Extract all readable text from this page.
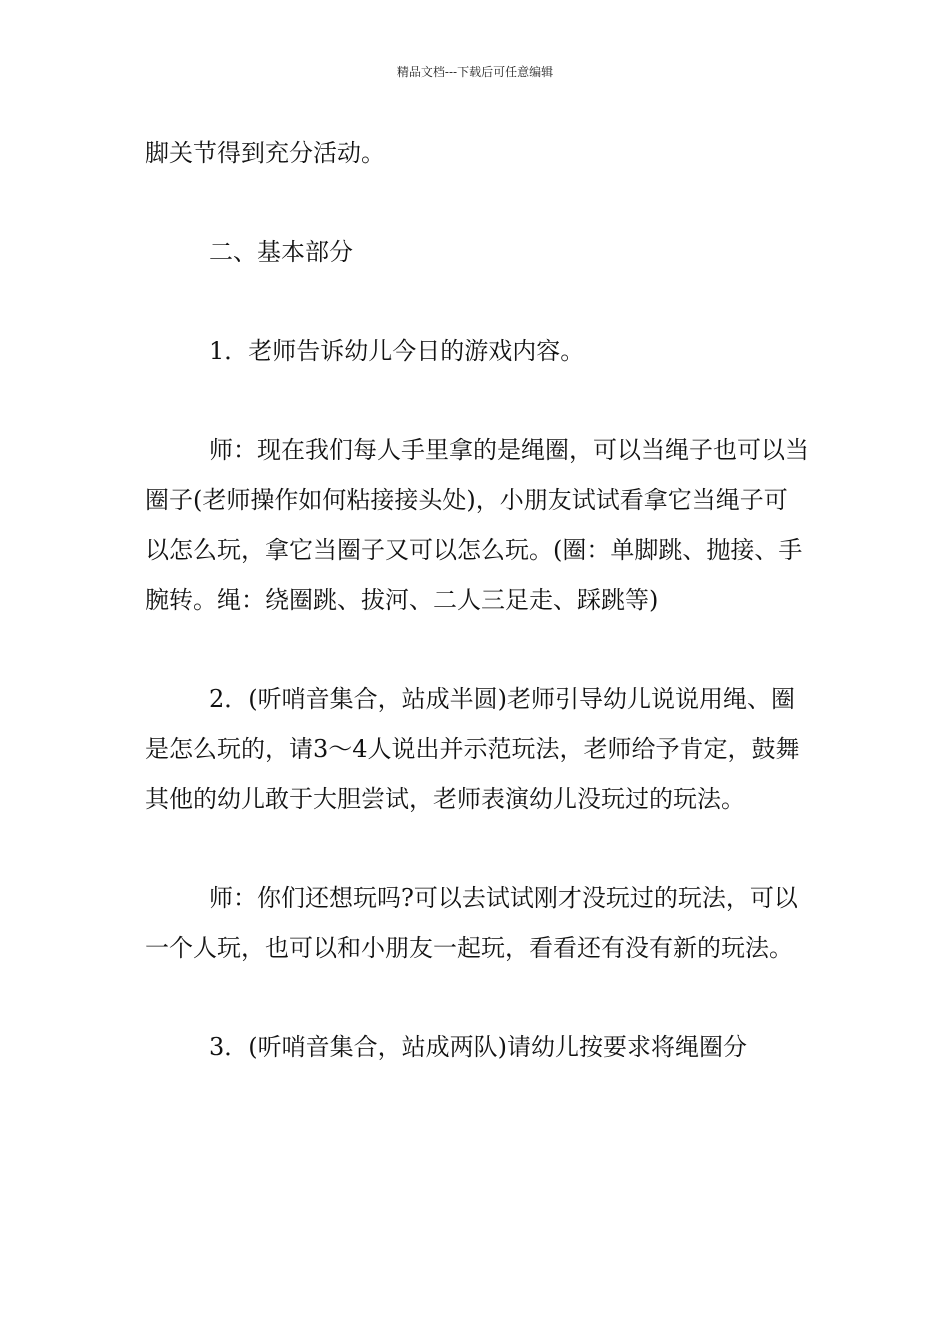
精品文档---下载后可任意编辑

脚关节得到充分活动。

二、基本部分

1．老师告诉幼儿今日的游戏内容。

师：现在我们每人手里拿的是绳圈，可以当绳子也可以当圈子(老师操作如何粘接接头处)，小朋友试试看拿它当绳子可以怎么玩，拿它当圈子又可以怎么玩。(圈：单脚跳、抛接、手腕转。绳：绕圈跳、拔河、二人三足走、踩跳等)

2．(听哨音集合，站成半圆)老师引导幼儿说说用绳、圈是怎么玩的，请3～4人说出并示范玩法，老师给予肯定，鼓舞其他的幼儿敢于大胆尝试，老师表演幼儿没玩过的玩法。

师：你们还想玩吗?可以去试试刚才没玩过的玩法，可以一个人玩，也可以和小朋友一起玩，看看还有没有新的玩法。

3．(听哨音集合，站成两队)请幼儿按要求将绳圈分
